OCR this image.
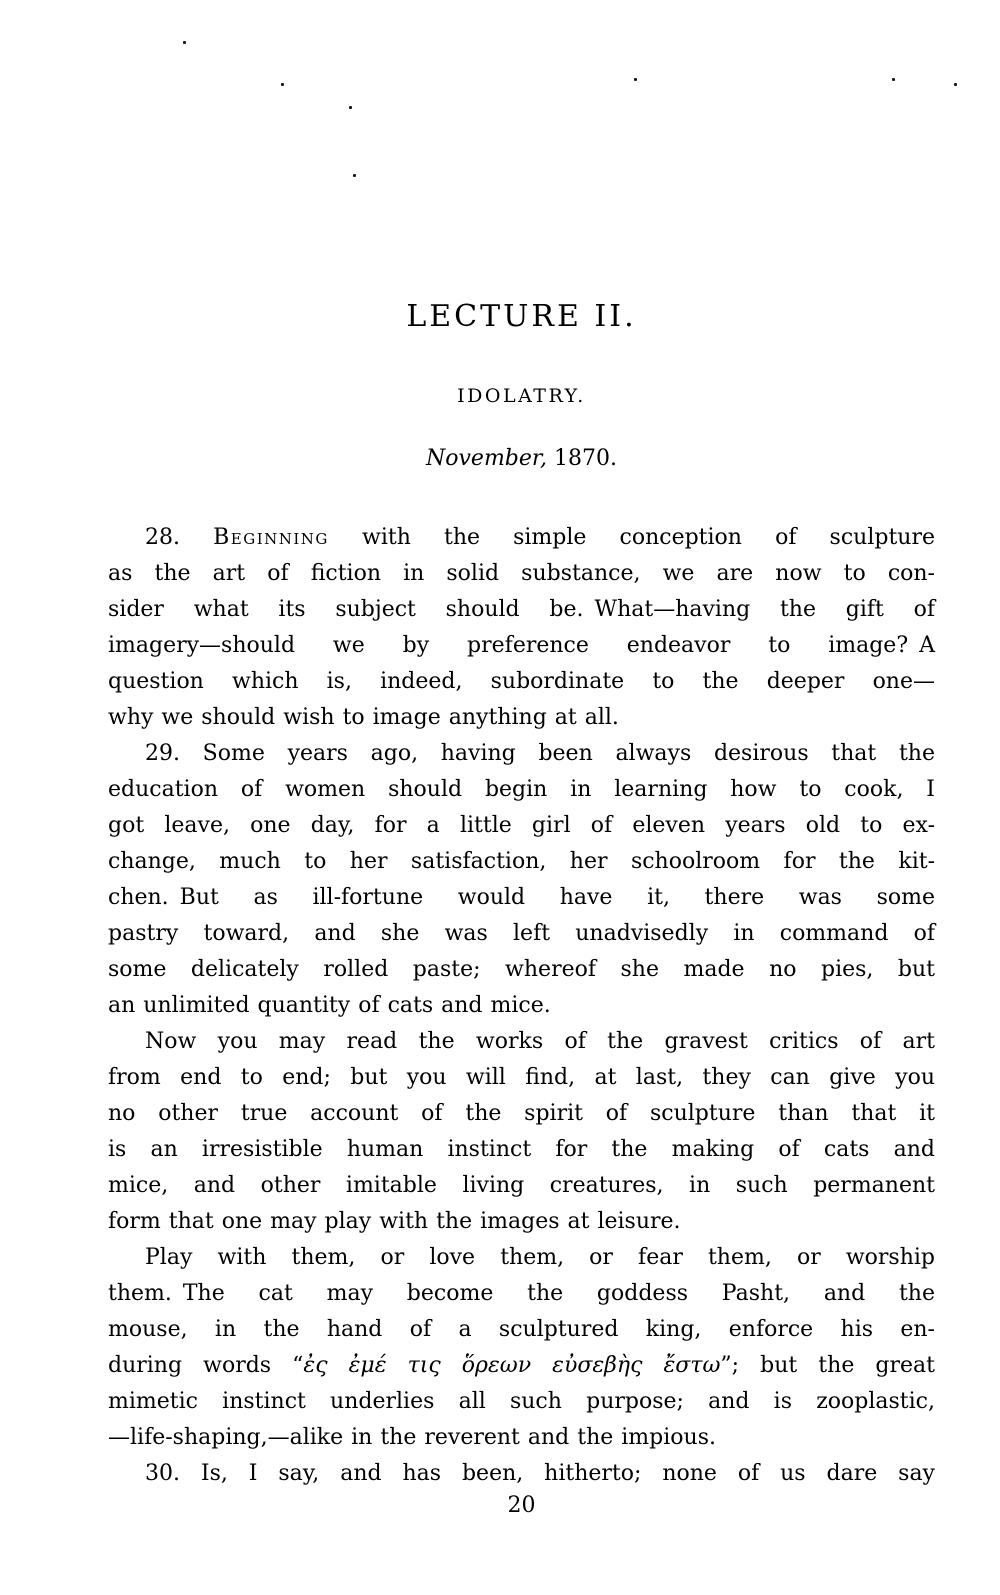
LECTURE II.
IDOLATRY.
November, 1870.
28. Beginning with the simple conception of sculpture
as the art of fiction in solid substance, we are now to con-
sider what its subject should be. What—having the gift of
imagery—should we by preference endeavor to image? A
question which is, indeed, subordinate to the deeper one—
why we should wish to image anything at all.
29. Some years ago, having been always desirous that the
education of women should begin in learning how to cook, I
got leave, one day, for a little girl of eleven years old to ex-
change, much to her satisfaction, her schoolroom for the kit-
chen. But as ill-fortune would have it, there was some
pastry toward, and she was left unadvisedly in command of
some delicately rolled paste; whereof she made no pies, but
an unlimited quantity of cats and mice.
Now you may read the works of the gravest critics of art
from end to end; but you will find, at last, they can give you
no other true account of the spirit of sculpture than that it
is an irresistible human instinct for the making of cats and
mice, and other imitable living creatures, in such permanent
form that one may play with the images at leisure.
Play with them, or love them, or fear them, or worship
them. The cat may become the goddess Pasht, and the
mouse, in the hand of a sculptured king, enforce his en-
during words “ἐς ἐμέ τις ὅρεων εὐσεβὴς ἔστω”; but the great
mimetic instinct underlies all such purpose; and is zooplastic,
—life-shaping,—alike in the reverent and the impious.
30. Is, I say, and has been, hitherto; none of us dare say
20
